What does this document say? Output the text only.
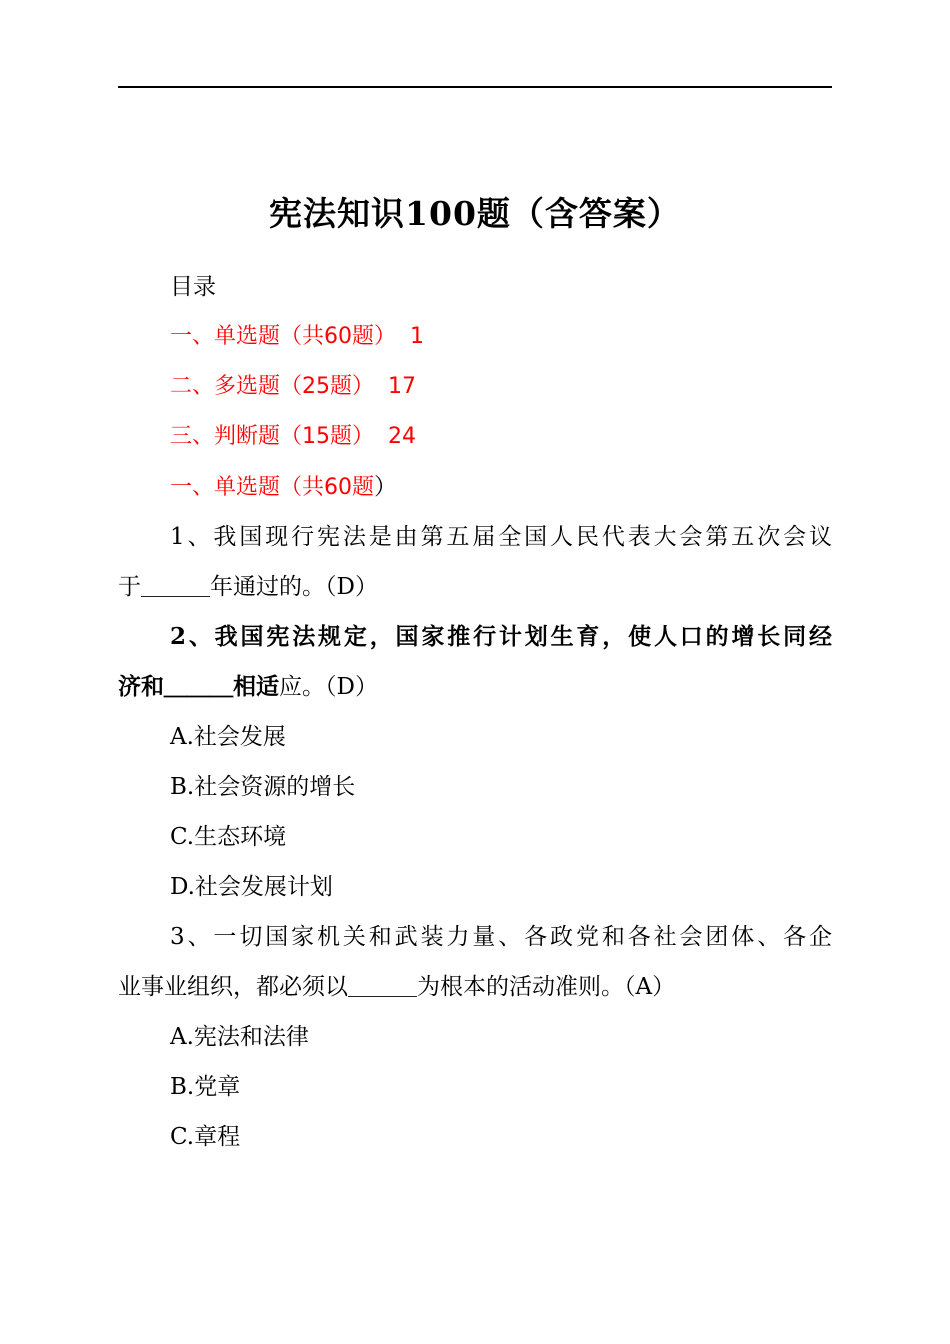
宪法知识100题（含答案）
目录
一、单选题（共60题） 1
二、多选题（25题） 17
三、判断题（15题） 24
一、单选题（共60题）
1、我国现行宪法是由第五届全国人民代表大会第五次会议
于＿＿＿年通过的。（D）
2、我国宪法规定，国家推行计划生育，使人口的增长同经
济和＿＿＿相适应。（D）
A.社会发展
B.社会资源的增长
C.生态环境
D.社会发展计划
3、一切国家机关和武装力量、各政党和各社会团体、各企
业事业组织，都必须以＿＿＿为根本的活动准则。（A）
A.宪法和法律
B.党章
C.章程
